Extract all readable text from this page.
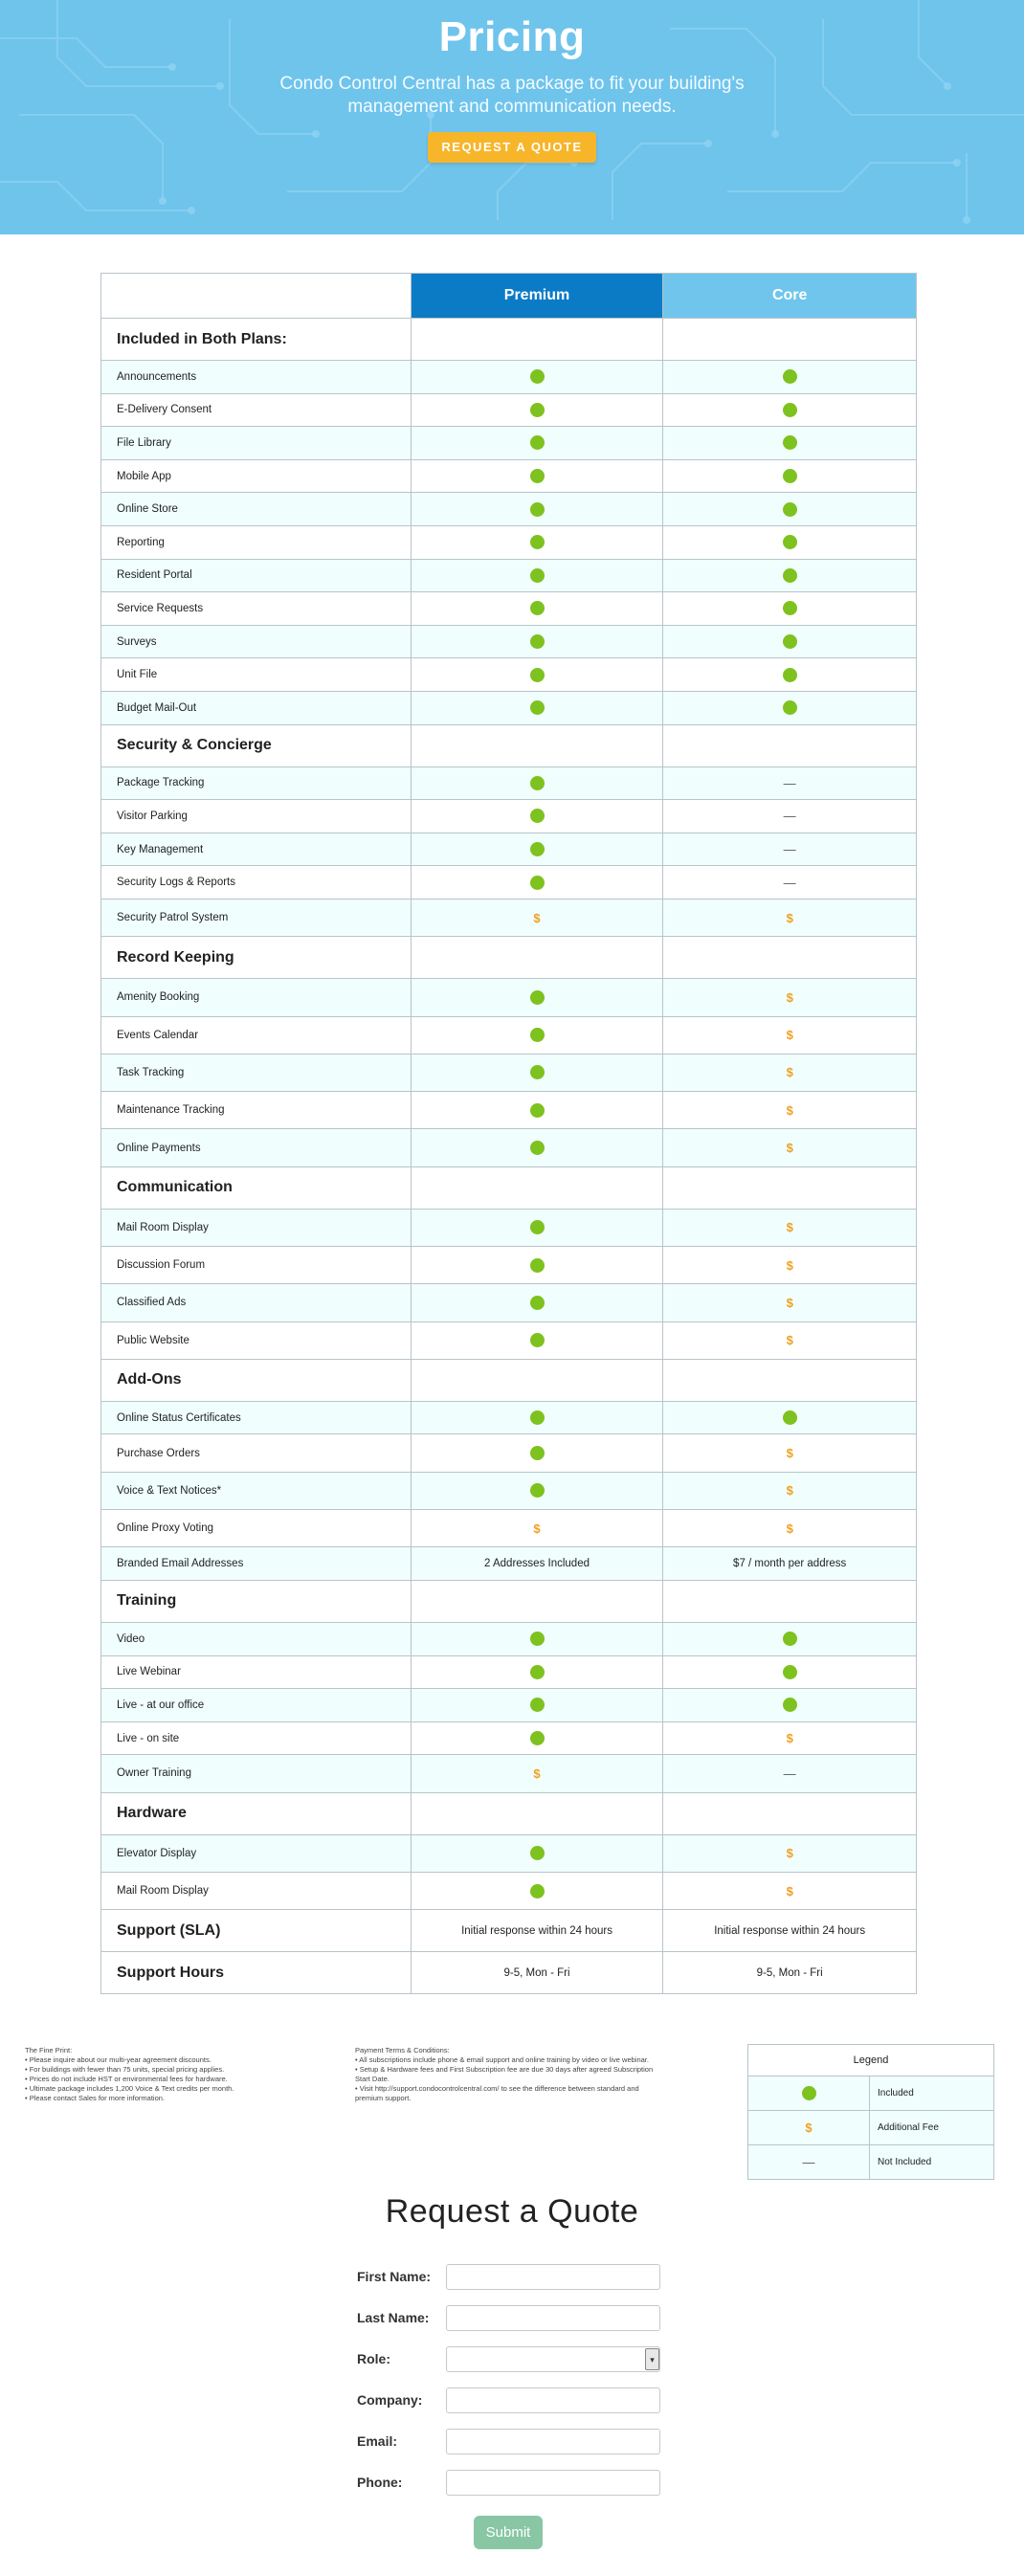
Pricing
Condo Control Central has a package to fit your building's management and communication needs.
REQUEST A QUOTE
	Premium	Core
Included in Both Plans:		
Announcements		
E-Delivery Consent		
File Library		
Mobile App		
Online Store		
Reporting		
Resident Portal		
Service Requests		
Surveys		
Unit File		
Budget Mail-Out		
Security & Concierge		
Package Tracking		—
Visitor Parking		—
Key Management		—
Security Logs & Reports		—
Security Patrol System	$	$
Record Keeping		
Amenity Booking		$
Events Calendar		$
Task Tracking		$
Maintenance Tracking		$
Online Payments		$
Communication		
Mail Room Display		$
Discussion Forum		$
Classified Ads		$
Public Website		$
Add-Ons		
Online Status Certificates		
Purchase Orders		$
Voice & Text Notices*		$
Online Proxy Voting	$	$
Branded Email Addresses	2 Addresses Included	$7 / month per address
Training		
Video		
Live Webinar		
Live - at our office		
Live - on site		$
Owner Training	$	—
Hardware		
Elevator Display		$
Mail Room Display		$
Support (SLA)	Initial response within 24 hours	Initial response within 24 hours
Support Hours	9-5, Mon - Fri	9-5, Mon - Fri
The Fine Print:
• Please inquire about our multi-year agreement discounts.
• For buildings with fewer than 75 units, special pricing applies.
• Prices do not include HST or environmental fees for hardware.
• Ultimate package includes 1,200 Voice & Text credits per month.
• Please contact Sales for more information.
Payment Terms & Conditions:
• All subscriptions include phone & email support and online training by video or live webinar.
• Setup & Hardware fees and First Subscription fee are due 30 days after agreed Subscription Start Date.
• Visit http://support.condocontrolcentral.com/ to see the difference between standard and premium support.
Legend	
	Included
$	Additional Fee
—	Not Included
Request a Quote
First Name:
Last Name:
Role:	▾
Company:
Email:
Phone:
Submit
